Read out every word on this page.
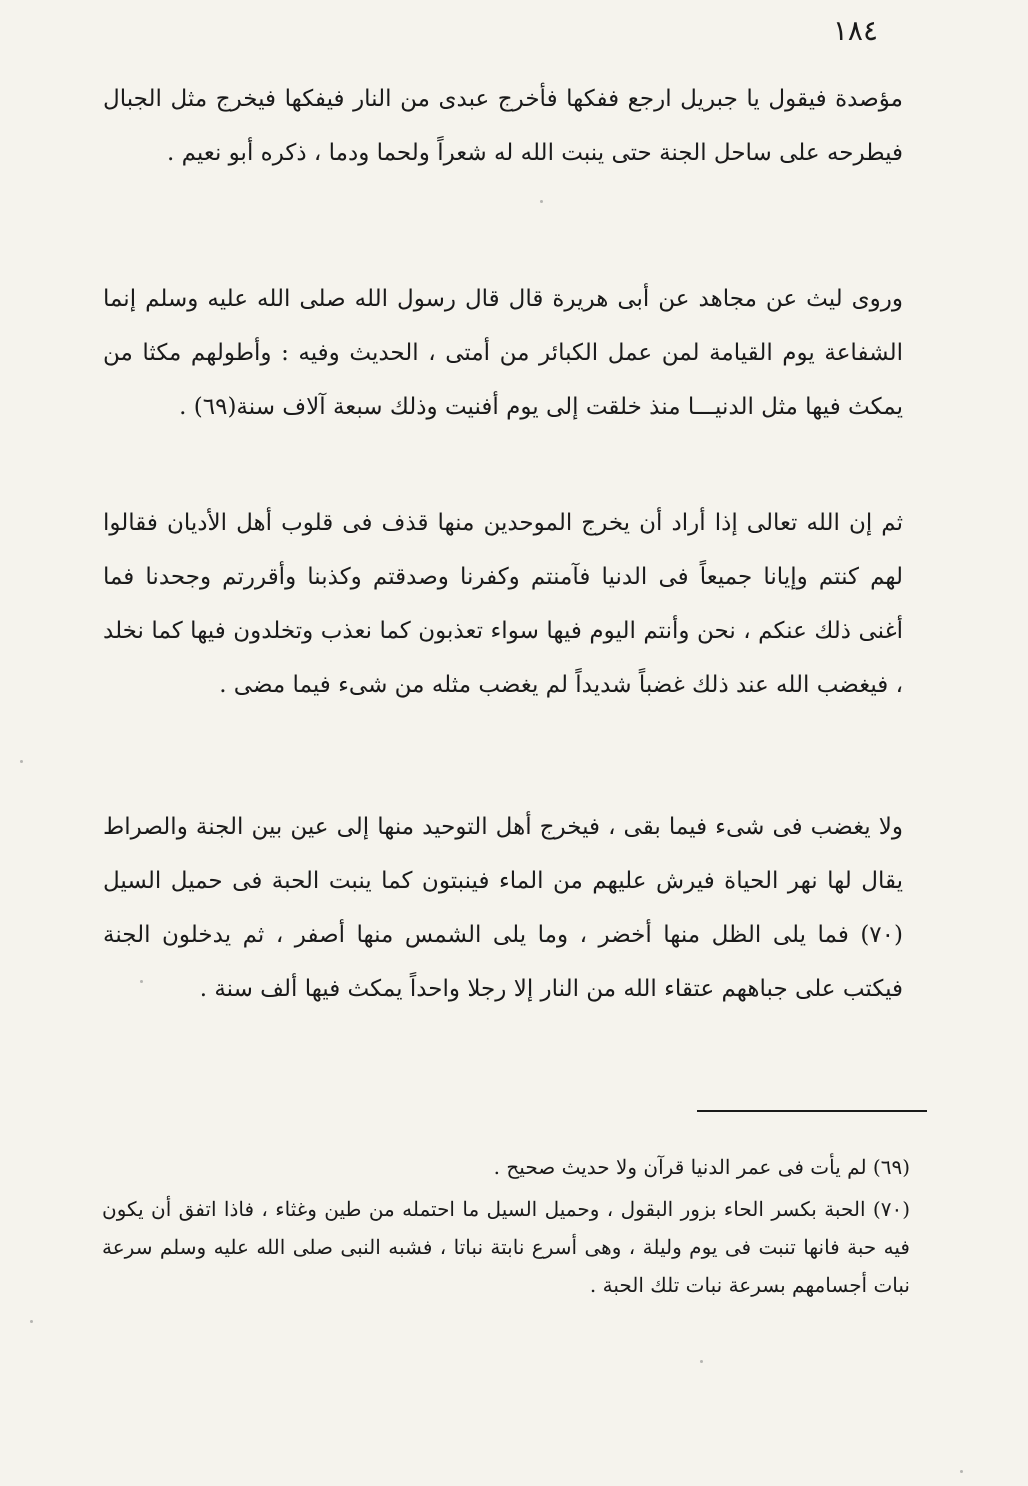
١٨٤

مؤصدة فيقول يا جبريل ارجع ففكها فأخرج عبدى من النار فيفكها فيخرج مثل الجبال فيطرحه على ساحل الجنة حتى ينبت الله له شعراً ولحما ودما ، ذكره أبو نعيم .

وروى ليث عن مجاهد عن أبى هريرة قال قال رسول الله صلى الله عليه وسلم إنما الشفاعة يوم القيامة لمن عمل الكبائر من أمتى ، الحديث وفيه : وأطولهم مكثا من يمكث فيها مثل الدنيـــا منذ خلقت إلى يوم أفنيت وذلك سبعة آلاف سنة(٦٩) .

ثم إن الله تعالى إذا أراد أن يخرج الموحدين منها قذف فى قلوب أهل الأديان فقالوا لهم كنتم وإيانا جميعاً فى الدنيا فآمنتم وكفرنا وصدقتم وكذبنا وأقررتم وجحدنا فما أغنى ذلك عنكم ، نحن وأنتم اليوم فيها سواء تعذبون كما نعذب وتخلدون فيها كما نخلد ، فيغضب الله عند ذلك غضباً شديداً لم يغضب مثله من شىء فيما مضى .

ولا يغضب فى شىء فيما بقى ، فيخرج أهل التوحيد منها إلى عين بين الجنة والصراط يقال لها نهر الحياة فيرش عليهم من الماء فينبتون كما ينبت الحبة فى حميل السيل (٧٠) فما يلى الظل منها أخضر ، وما يلى الشمس منها أصفر ، ثم يدخلون الجنة فيكتب على جباههم عتقاء الله من النار إلا رجلا واحداً يمكث فيها ألف سنة .

(٦٩) لم يأت فى عمر الدنيا قرآن ولا حديث صحيح .

(٧٠) الحبة بكسر الحاء بزور البقول ، وحميل السيل ما احتمله من طين وغثاء ، فاذا اتفق أن يكون فيه حبة فانها تنبت فى يوم وليلة ، وهى أسرع نابتة نباتا ، فشبه النبى صلى الله عليه وسلم سرعة نبات أجسامهم بسرعة نبات تلك الحبة .
